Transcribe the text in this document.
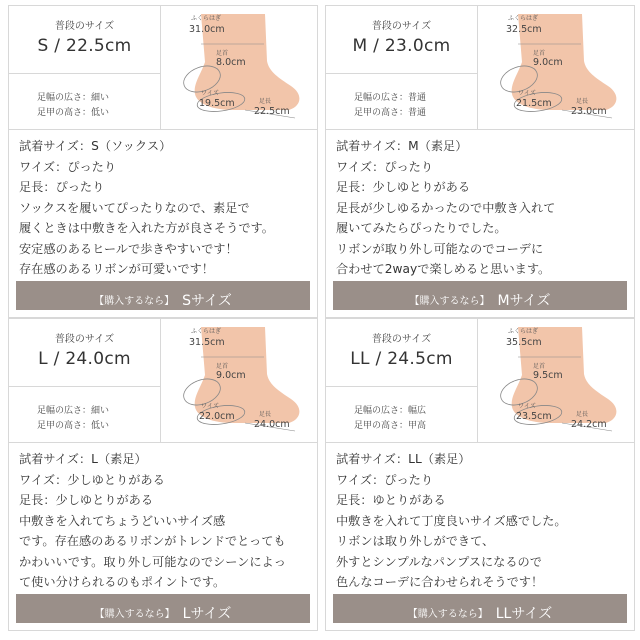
普段のサイズ
S / 22.5cm
足幅の広さ：細い
足甲の高さ：低い
ふくらはぎ
31.0cm
足首
8.0cm
ワイズ
19.5cm	足長
22.5cm
試着サイズ：S（ソックス）
ワイズ：ぴったり
足長：ぴったり
ソックスを履いてぴったりなので、素足で
履くときは中敷きを入れた方が良さそうです。
安定感のあるヒールで歩きやすいです！
存在感のあるリボンが可愛いです！
$_{【購入するなら】}$ Sサイズ
普段のサイズ
M / 23.0cm
足幅の広さ：普通
足甲の高さ：普通
ふくらはぎ
32.5cm
足首
9.0cm
ワイズ
21.5cm	足長
23.0cm
試着サイズ：M（素足）
ワイズ：ぴったり
足長：少しゆとりがある
足長が少しゆるかったので中敷き入れて
履いてみたらぴったりでした。
リボンが取り外し可能なのでコーデに
合わせて2wayで楽しめると思います。
$_{【購入するなら】}$ Mサイズ
普段のサイズ
L / 24.0cm
足幅の広さ：細い
足甲の高さ：低い
ふくらはぎ
31.5cm
足首
9.0cm
ワイズ
22.0cm	足長
24.0cm
試着サイズ：L（素足）
ワイズ：少しゆとりがある
足長：少しゆとりがある
中敷きを入れてちょうどいいサイズ感
です。存在感のあるリボンがトレンドでとっても
かわいいです。取り外し可能なのでシーンによっ
て使い分けられるのもポイントです。
$_{【購入するなら】}$ Lサイズ
普段のサイズ
LL / 24.5cm
足幅の広さ：幅広
足甲の高さ：甲高
ふくらはぎ
35.5cm
足首
9.5cm
ワイズ
23.5cm	足長
24.2cm
試着サイズ：LL（素足）
ワイズ：ぴったり
足長：ゆとりがある
中敷きを入れて丁度良いサイズ感でした。
リボンは取り外しができて、
外すとシンプルなパンプスになるので
色んなコーデに合わせられそうです！
$_{【購入するなら】}$ LLサイズ
